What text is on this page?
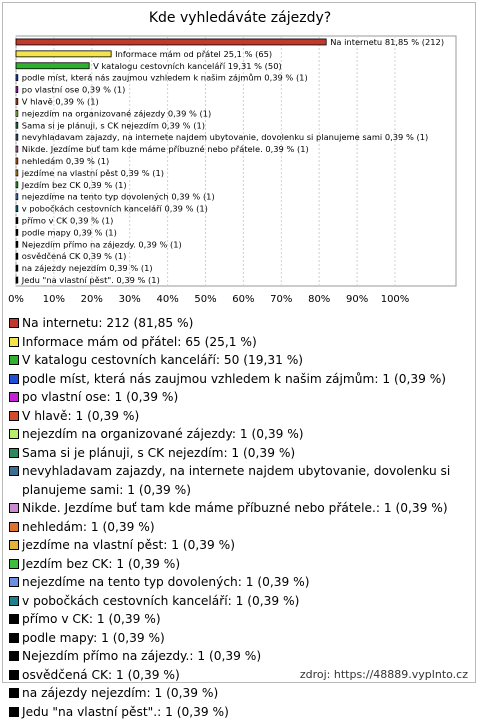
Kde vyhledáváte zájezdy?
0% 10% 20% 30% 40% 50% 60% 70% 80% 90% 100%
Na internetu 81,85 % (212)
Informace mám od přátel 25,1 % (65)
V katalogu cestovních kanceláří 19,31 % (50)
podle míst, která nás zaujmou vzhledem k našim zájmům 0,39 % (1)
po vlastní ose 0,39 % (1)
V hlavě 0,39 % (1)
nejezdím na organizované zájezdy 0,39 % (1)
Sama si je plánuji, s CK nejezdím 0,39 % (1)
nevyhladavam zajazdy, na internete najdem ubytovanie, dovolenku si planujeme sami 0,39 % (1)
Nikde. Jezdíme buť tam kde máme příbuzné nebo přátele. 0,39 % (1)
nehledám 0,39 % (1)
jezdíme na vlastní pěst 0,39 % (1)
Jezdím bez CK 0,39 % (1)
nejezdíme na tento typ dovolených 0,39 % (1)
v pobočkách cestovních kanceláří 0,39 % (1)
přímo v CK 0,39 % (1)
podle mapy 0,39 % (1)
Nejezdím přímo na zájezdy. 0,39 % (1)
osvědčená CK 0,39 % (1)
na zájezdy nejezdím 0,39 % (1)
Jedu "na vlastní pěst". 0,39 % (1)
Na internetu: 212 (81,85 %)
Informace mám od přátel: 65 (25,1 %)
V katalogu cestovních kanceláří: 50 (19,31 %)
podle míst, která nás zaujmou vzhledem k našim zájmům: 1 (0,39 %)
po vlastní ose: 1 (0,39 %)
V hlavě: 1 (0,39 %)
nejezdím na organizované zájezdy: 1 (0,39 %)
Sama si je plánuji, s CK nejezdím: 1 (0,39 %)
nevyhladavam zajazdy, na internete najdem ubytovanie, dovolenku si planujeme sami: 1 (0,39 %)
Nikde. Jezdíme buť tam kde máme příbuzné nebo přátele.: 1 (0,39 %)
nehledám: 1 (0,39 %)
jezdíme na vlastní pěst: 1 (0,39 %)
Jezdím bez CK: 1 (0,39 %)
nejezdíme na tento typ dovolených: 1 (0,39 %)
v pobočkách cestovních kanceláří: 1 (0,39 %)
přímo v CK: 1 (0,39 %)
podle mapy: 1 (0,39 %)
Nejezdím přímo na zájezdy.: 1 (0,39 %)
osvědčená CK: 1 (0,39 %)
na zájezdy nejezdím: 1 (0,39 %)
Jedu "na vlastní pěst".: 1 (0,39 %)
zdroj: https://48889.vyplnto.cz
